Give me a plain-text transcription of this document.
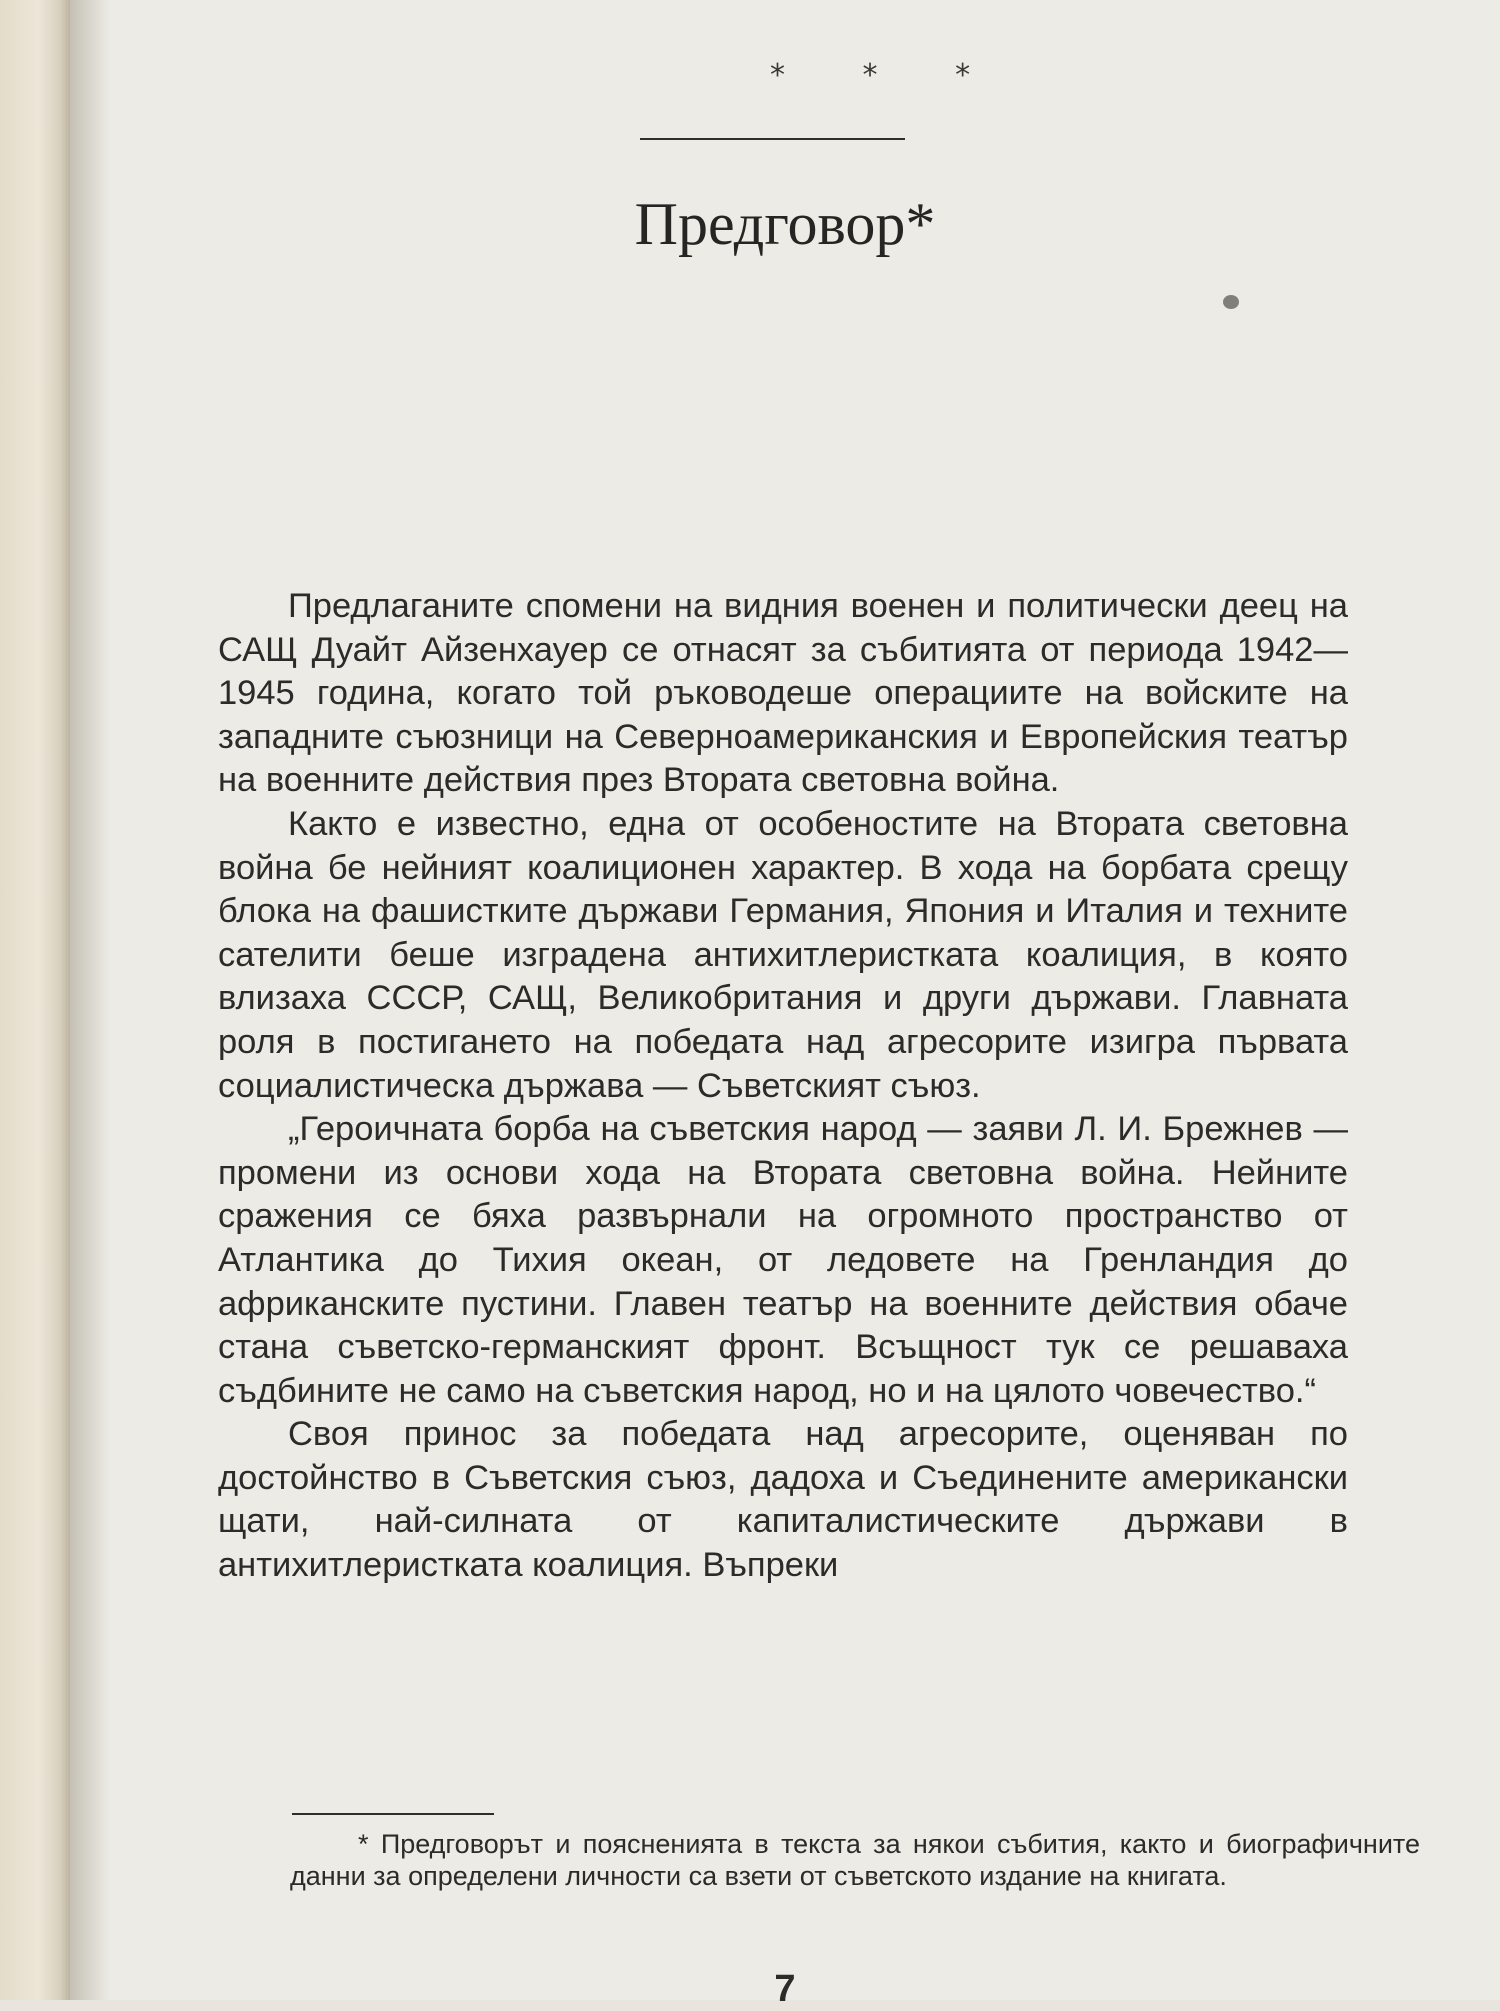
* * *
Предговор*

Предлаганите спомени на видния военен и политически деец на САЩ Дуайт Айзенхауер се отнасят за събитията от периода 1942—1945 година, когато той ръководеше операциите на войските на западните съюзници на Северноамериканския и Европейския театър на военните действия през Втората световна война.

Както е известно, една от особеностите на Втората световна война бе нейният коалиционен характер. В хода на борбата срещу блока на фашистките държави Германия, Япония и Италия и техните сателити беше изградена антихитлеристката коалиция, в която влизаха СССР, САЩ, Великобритания и други държави. Главната роля в постигането на победата над агресорите изигра първата социалистическа държава — Съветският съюз.

„Героичната борба на съветския народ — заяви Л. И. Брежнев — промени из основи хода на Втората световна война. Нейните сражения се бяха развърнали на огромното пространство от Атлантика до Тихия океан, от ледовете на Гренландия до африканските пустини. Главен театър на военните действия обаче стана съветско-германският фронт. Всъщност тук се решаваха съдбините не само на съветския народ, но и на цялото човечество.“

Своя принос за победата над агресорите, оценяван по достойнство в Съветския съюз, дадоха и Съединените американски щати, най-силната от капиталистическите държави в антихитлеристката коалиция. Въпреки

* Предговорът и поясненията в текста за някои събития, както и биографичните данни за определени личности са взети от съветското издание на книгата.

7
